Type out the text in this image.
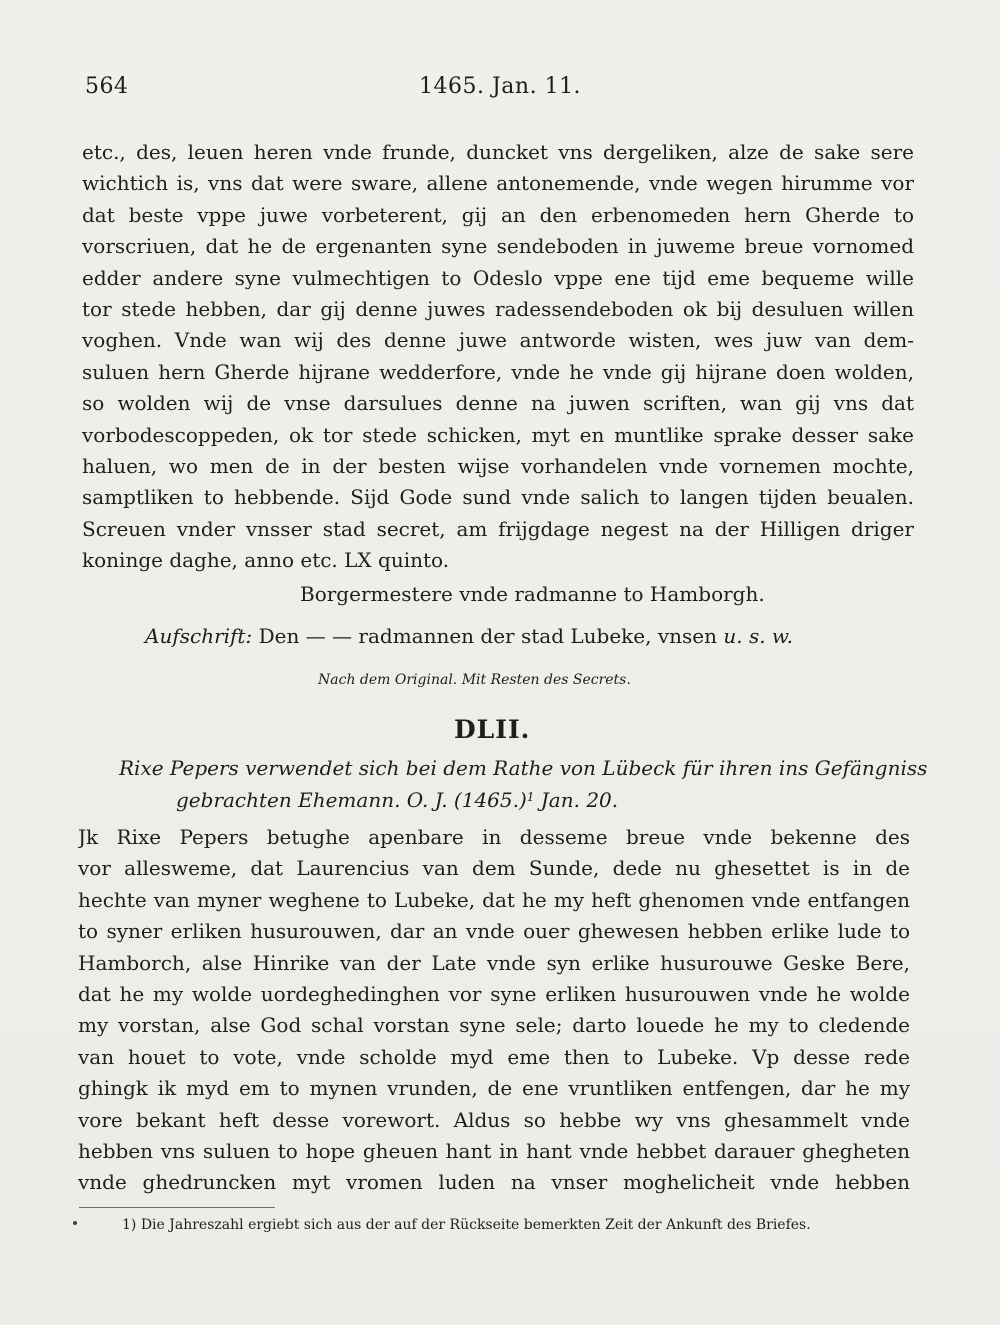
564	1465. Jan. 11.
etc., des, leuen heren vnde frunde, duncket vns dergeliken, alze de sake sere
wichtich is, vns dat were sware, allene antonemende, vnde wegen hirumme vor
dat beste vppe juwe vorbeterent, gij an den erbenomeden hern Gherde to
vorscriuen, dat he de ergenanten syne sendeboden in juweme breue vornomed
edder andere syne vulmechtigen to Odeslo vppe ene tijd eme bequeme wille
tor stede hebben, dar gij denne juwes radessendeboden ok bij desuluen willen
voghen. Vnde wan wij des denne juwe antworde wisten, wes juw van dem-
suluen hern Gherde hijrane wedderfore, vnde he vnde gij hijrane doen wolden,
so wolden wij de vnse darsulues denne na juwen scriften, wan gij vns dat
vorbodescoppeden, ok tor stede schicken, myt en muntlike sprake desser sake
haluen, wo men de in der besten wijse vorhandelen vnde vornemen mochte,
samptliken to hebbende. Sijd Gode sund vnde salich to langen tijden beualen.
Screuen vnder vnsser stad secret, am frijgdage negest na der Hilligen driger
koninge daghe, anno etc. LX quinto.
Borgermestere vnde radmanne to Hamborgh.
Aufschrift: Den — — radmannen der stad Lubeke, vnsen u. s. w.
Nach dem Original. Mit Resten des Secrets.
DLII.
Rixe Pepers verwendet sich bei dem Rathe von Lübeck für ihren ins Gefängniss
gebrachten Ehemann. O. J. $(1465.)^1$ Jan. 20.
Jk Rixe Pepers betughe apenbare in desseme breue vnde bekenne des
vor allesweme, dat Laurencius van dem Sunde, dede nu ghesettet is in de
hechte van myner weghene to Lubeke, dat he my heft ghenomen vnde entfangen
to syner erliken husurouwen, dar an vnde ouer ghewesen hebben erlike lude to
Hamborch, alse Hinrike van der Late vnde syn erlike husurouwe Geske Bere,
dat he my wolde uordeghedinghen vor syne erliken husurouwen vnde he wolde
my vorstan, alse God schal vorstan syne sele; darto louede he my to cledende
van houet to vote, vnde scholde myd eme then to Lubeke. Vp desse rede
ghingk ik myd em to mynen vrunden, de ene vruntliken entfengen, dar he my
vore bekant heft desse vorewort. Aldus so hebbe wy vns ghesammelt vnde
hebben vns suluen to hope gheuen hant in hant vnde hebbet darauer ghegheten
vnde ghedruncken myt vromen luden na vnser moghelicheit vnde hebben
1) Die Jahreszahl ergiebt sich aus der auf der Rückseite bemerkten Zeit der Ankunft des Briefes.
